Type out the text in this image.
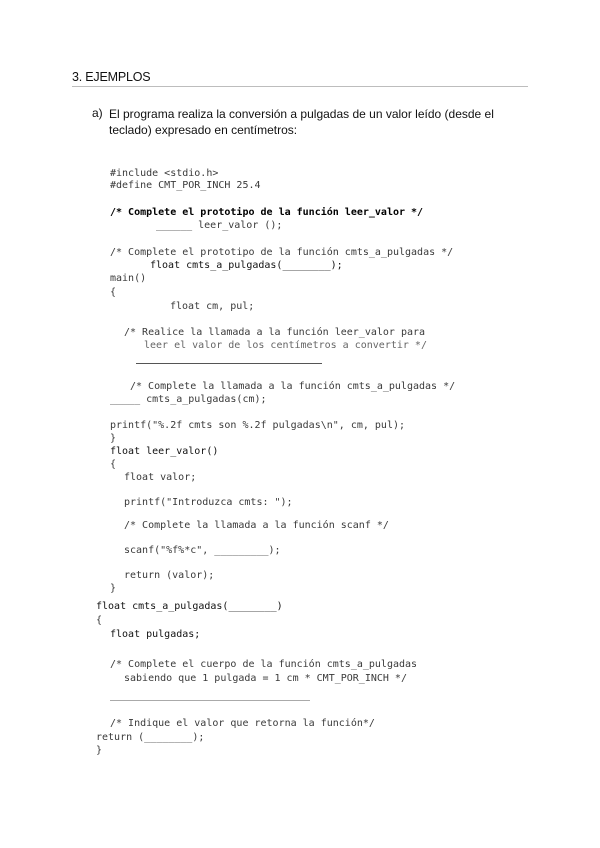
3. EJEMPLOS
a) El programa realiza la conversión a pulgadas de un valor leído (desde el teclado) expresado en centímetros:
#include <stdio.h>
#define CMT_POR_INCH 25.4
/* Complete el prototipo de la función leer_valor */
______ leer_valor ();
/* Complete el prototipo de la función cmts_a_pulgadas */
float cmts_a_pulgadas(________);
main()
{
float cm, pul;
/* Realice la llamada a la función leer_valor para
leer el valor de los centímetros a convertir */
/* Complete la llamada a la función cmts_a_pulgadas */
_____ cmts_a_pulgadas(cm);
printf("%.2f cmts son %.2f pulgadas\n", cm, pul);
}
float leer_valor()
{
float valor;
printf("Introduzca cmts: ");
/* Complete la llamada a la función scanf */
scanf("%f%*c", _________);
return (valor);
}
float cmts_a_pulgadas(________)
{
float pulgadas;
/* Complete el cuerpo de la función cmts_a_pulgadas
sabiendo que 1 pulgada = 1 cm * CMT_POR_INCH */
/* Indique el valor que retorna la función*/
return (________);
}
